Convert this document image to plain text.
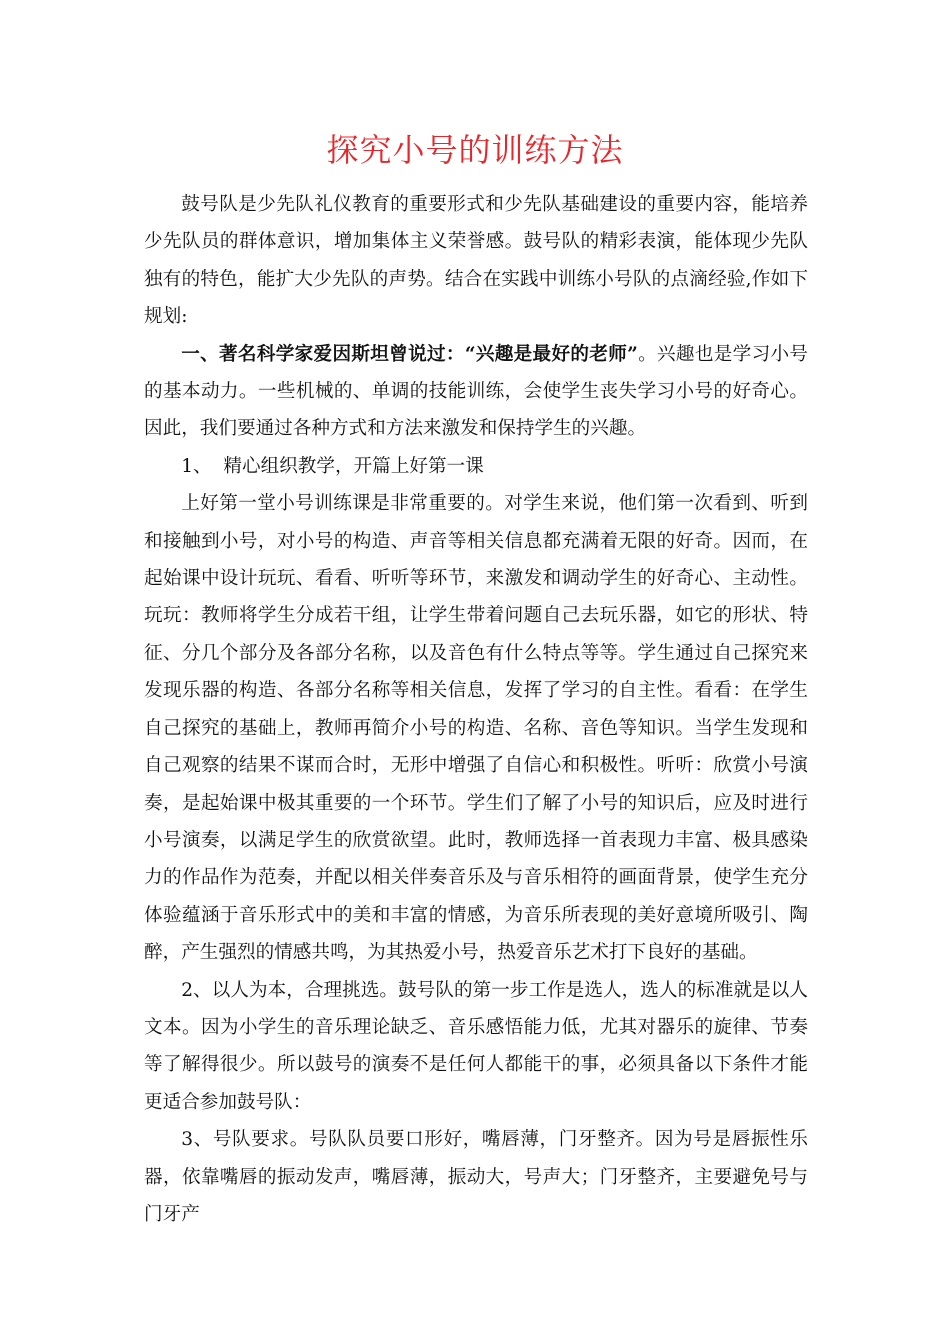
探究小号的训练方法

鼓号队是少先队礼仪教育的重要形式和少先队基础建设的重要内容，能培养少先队员的群体意识，增加集体主义荣誉感。鼓号队的精彩表演，能体现少先队独有的特色，能扩大少先队的声势。结合在实践中训练小号队的点滴经验,作如下规划:

一、著名科学家爱因斯坦曾说过：“兴趣是最好的老师”。兴趣也是学习小号的基本动力。一些机械的、单调的技能训练，会使学生丧失学习小号的好奇心。因此，我们要通过各种方式和方法来激发和保持学生的兴趣。

1、  精心组织教学，开篇上好第一课

上好第一堂小号训练课是非常重要的。对学生来说，他们第一次看到、听到和接触到小号，对小号的构造、声音等相关信息都充满着无限的好奇。因而，在起始课中设计玩玩、看看、听听等环节，来激发和调动学生的好奇心、主动性。玩玩：教师将学生分成若干组，让学生带着问题自己去玩乐器，如它的形状、特征、分几个部分及各部分名称，以及音色有什么特点等等。学生通过自己探究来发现乐器的构造、各部分名称等相关信息，发挥了学习的自主性。看看：在学生自己探究的基础上，教师再简介小号的构造、名称、音色等知识。当学生发现和自己观察的结果不谋而合时，无形中增强了自信心和积极性。听听：欣赏小号演奏，是起始课中极其重要的一个环节。学生们了解了小号的知识后，应及时进行小号演奏，以满足学生的欣赏欲望。此时，教师选择一首表现力丰富、极具感染力的作品作为范奏，并配以相关伴奏音乐及与音乐相符的画面背景，使学生充分体验蕴涵于音乐形式中的美和丰富的情感，为音乐所表现的美好意境所吸引、陶醉，产生强烈的情感共鸣，为其热爱小号，热爱音乐艺术打下良好的基础。

2、以人为本，合理挑选。鼓号队的第一步工作是选人，选人的标准就是以人文本。因为小学生的音乐理论缺乏、音乐感悟能力低，尤其对器乐的旋律、节奏等了解得很少。所以鼓号的演奏不是任何人都能干的事，必须具备以下条件才能更适合参加鼓号队：

3、号队要求。号队队员要口形好，嘴唇薄，门牙整齐。因为号是唇振性乐器，依靠嘴唇的振动发声，嘴唇薄，振动大，号声大；门牙整齐，主要避免号与门牙产
